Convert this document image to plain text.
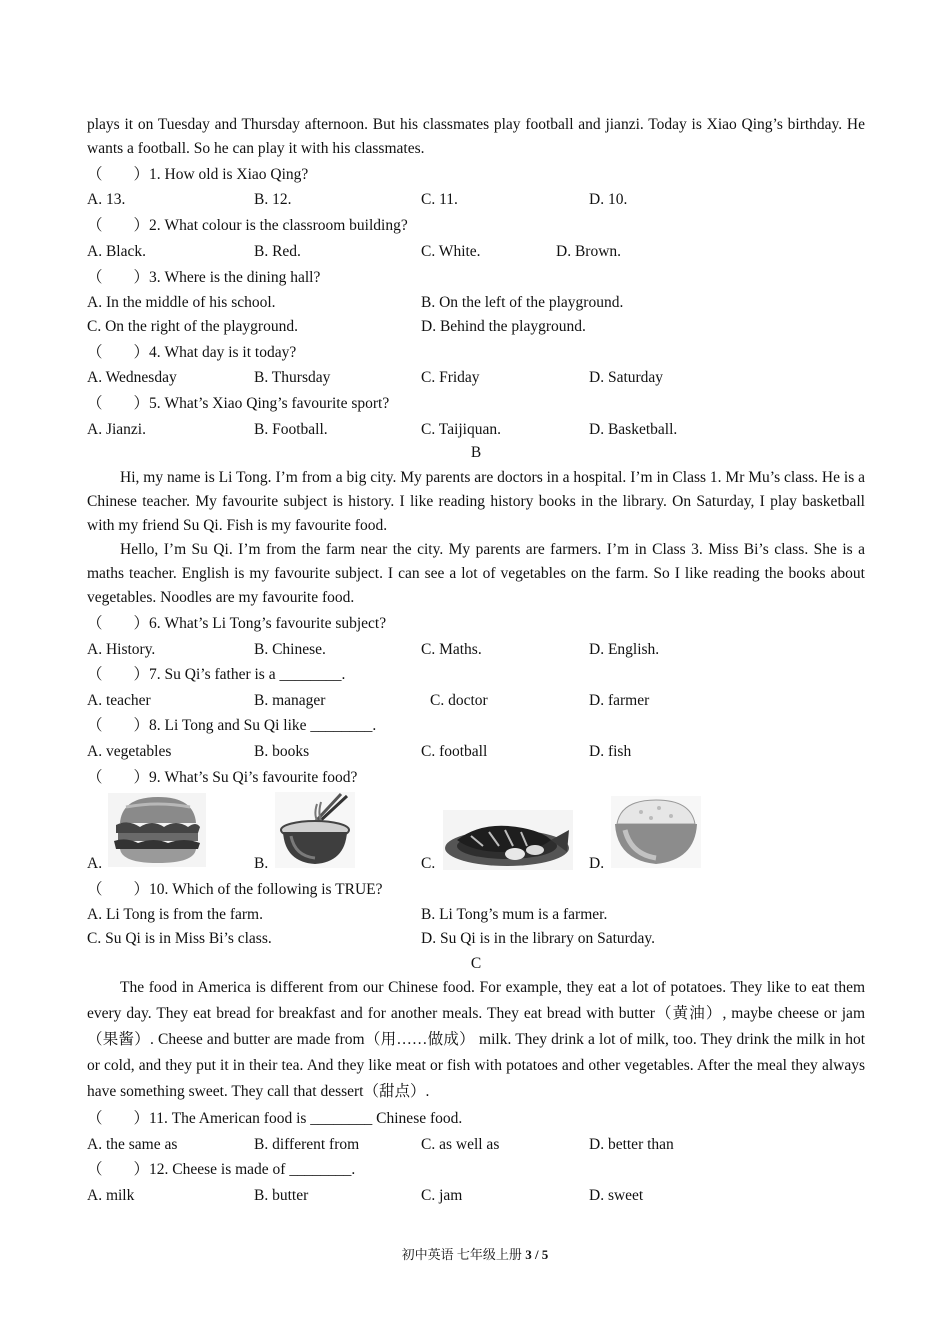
plays it on Tuesday and Thursday afternoon. But his classmates play football and jianzi. Today is Xiao Qing’s birthday. He wants a football. So he can play it with his classmates.
（　　）1. How old is Xiao Qing?
A. 13.	B. 12.	C. 11.	D. 10.
（　　）2. What colour is the classroom building?
A. Black.	B. Red.	C. White.	D. Brown.
（　　）3. Where is the dining hall?
A. In the middle of his school.	B. On the left of the playground.
C. On the right of the playground.	D. Behind the playground.
（　　）4. What day is it today?
A. Wednesday	B. Thursday	C. Friday	D. Saturday
（　　）5. What’s Xiao Qing’s favourite sport?
A. Jianzi.	B. Football.	C. Taijiquan.	D. Basketball.
B
Hi, my name is Li Tong. I’m from a big city. My parents are doctors in a hospital. I’m in Class 1. Mr Mu’s class. He is a Chinese teacher. My favourite subject is history. I like reading history books in the library. On Saturday, I play basketball with my friend Su Qi. Fish is my favourite food.
Hello, I’m Su Qi. I’m from the farm near the city. My parents are farmers. I’m in Class 3. Miss Bi’s class. She is a maths teacher. English is my favourite subject. I can see a lot of vegetables on the farm. So I like reading the books about vegetables. Noodles are my favourite food.
（　　）6. What’s Li Tong’s favourite subject?
A. History.	B. Chinese.	C. Maths.	D. English.
（　　）7. Su Qi’s father is a ________.
A. teacher	B. manager	C. doctor	D. farmer
（　　）8. Li Tong and Su Qi like ________.
A. vegetables	B. books	C. football	D. fish
（　　）9. What’s Su Qi’s favourite food?
A.	B.	C.	D.
（　　）10. Which of the following is TRUE?
A. Li Tong is from the farm.	B. Li Tong’s mum is a farmer.
C. Su Qi is in Miss Bi’s class.	D. Su Qi is in the library on Saturday.
C
The food in America is different from our Chinese food. For example, they eat a lot of potatoes. They like to eat them every day. They eat bread for breakfast and for another meals. They eat bread with butter（黄油）, maybe cheese or jam（果酱）. Cheese and butter are made from（用……做成） milk. They drink a lot of milk, too. They drink the milk in hot or cold, and they put it in their tea. And they like meat or fish with potatoes and other vegetables. After the meal they always have something sweet. They call that dessert（甜点）.
（　　）11. The American food is ________ Chinese food.
A. the same as	B. different from	C. as well as	D. better than
（　　）12. Cheese is made of ________.
A. milk	B. butter	C. jam	D. sweet
初中英语 七年级上册 3 / 5
